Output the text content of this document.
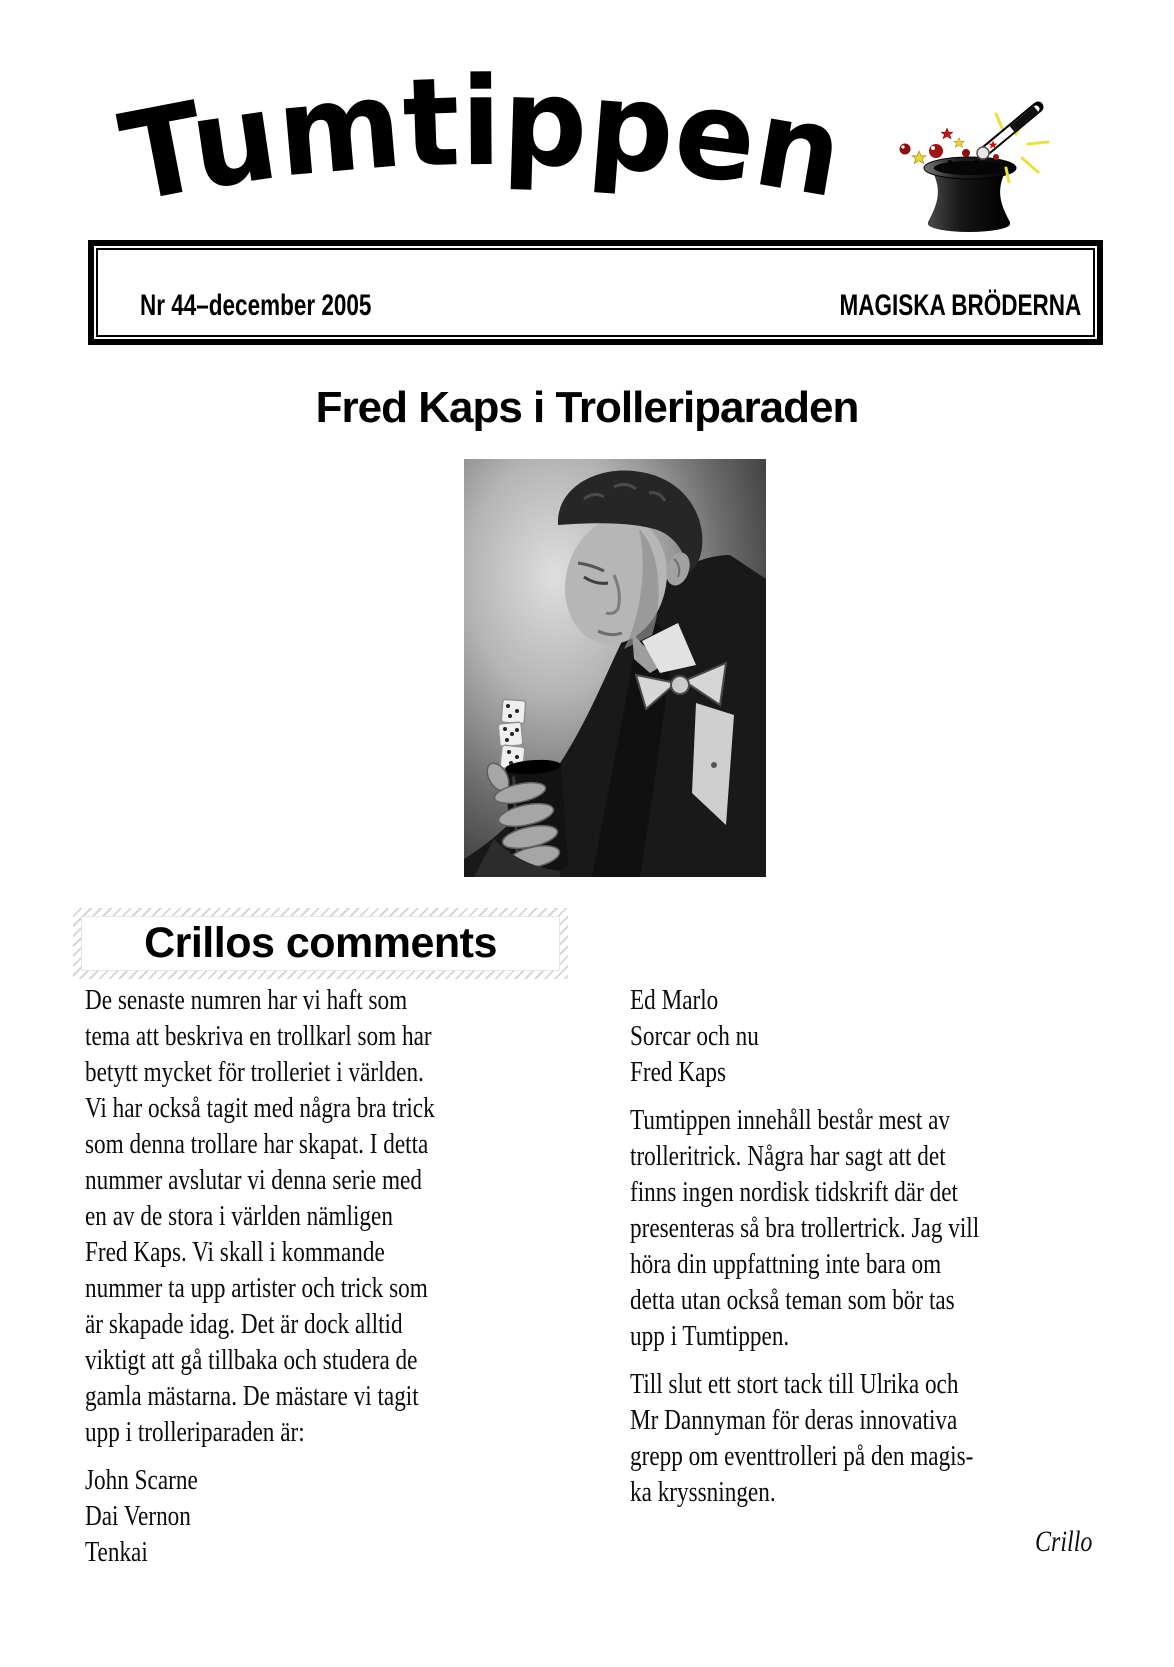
Tumtippen
Nr 44–december 2005	MAGISKA BRÖDERNA
Fred Kaps i Trolleriparaden
Crillos comments
De senaste numren har vi haft som
tema att beskriva en trollkarl som har
betytt mycket för trolleriet i världen.
Vi har också tagit med några bra trick
som denna trollare har skapat. I detta
nummer avslutar vi denna serie med
en av de stora i världen nämligen
Fred Kaps. Vi skall i kommande
nummer ta upp artister och trick som
är skapade idag. Det är dock alltid
viktigt att gå tillbaka och studera de
gamla mästarna. De mästare vi tagit
upp i trolleriparaden är:
John Scarne
Dai Vernon
Tenkai
Ed Marlo
Sorcar och nu
Fred Kaps
Tumtippen innehåll består mest av
trolleritrick. Några har sagt att det
finns ingen nordisk tidskrift där det
presenteras så bra trollertrick. Jag vill
höra din uppfattning inte bara om
detta utan också teman som bör tas
upp i Tumtippen.
Till slut ett stort tack till Ulrika och
Mr Dannyman för deras innovativa
grepp om eventtrolleri på den magis-
ka kryssningen.
Crillo
